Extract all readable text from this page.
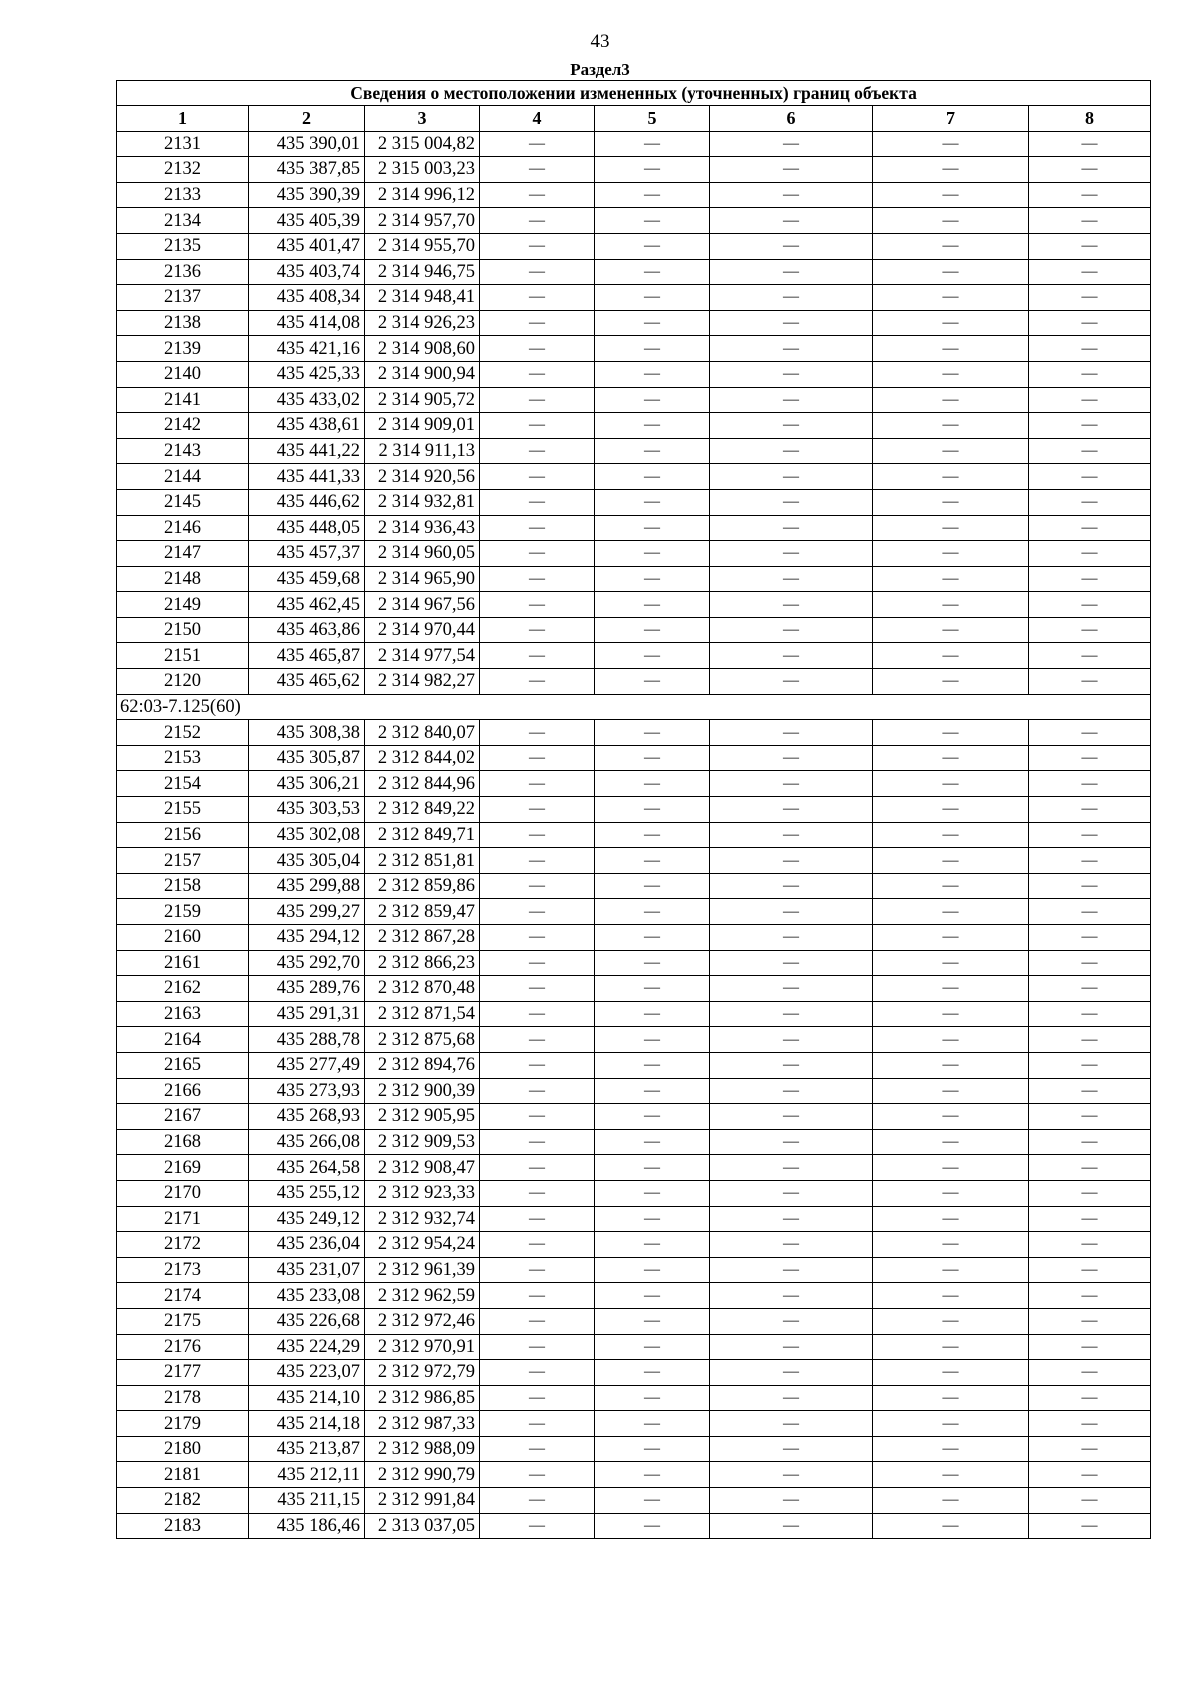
43
Раздел3
Сведения о местоположении измененных (уточненных) границ объекта							
1	2	3	4	5	6	7	8
2131	435 390,01	2 315 004,82	—	—	—	—	—
2132	435 387,85	2 315 003,23	—	—	—	—	—
2133	435 390,39	2 314 996,12	—	—	—	—	—
2134	435 405,39	2 314 957,70	—	—	—	—	—
2135	435 401,47	2 314 955,70	—	—	—	—	—
2136	435 403,74	2 314 946,75	—	—	—	—	—
2137	435 408,34	2 314 948,41	—	—	—	—	—
2138	435 414,08	2 314 926,23	—	—	—	—	—
2139	435 421,16	2 314 908,60	—	—	—	—	—
2140	435 425,33	2 314 900,94	—	—	—	—	—
2141	435 433,02	2 314 905,72	—	—	—	—	—
2142	435 438,61	2 314 909,01	—	—	—	—	—
2143	435 441,22	2 314 911,13	—	—	—	—	—
2144	435 441,33	2 314 920,56	—	—	—	—	—
2145	435 446,62	2 314 932,81	—	—	—	—	—
2146	435 448,05	2 314 936,43	—	—	—	—	—
2147	435 457,37	2 314 960,05	—	—	—	—	—
2148	435 459,68	2 314 965,90	—	—	—	—	—
2149	435 462,45	2 314 967,56	—	—	—	—	—
2150	435 463,86	2 314 970,44	—	—	—	—	—
2151	435 465,87	2 314 977,54	—	—	—	—	—
2120	435 465,62	2 314 982,27	—	—	—	—	—
62:03-7.125(60)							
2152	435 308,38	2 312 840,07	—	—	—	—	—
2153	435 305,87	2 312 844,02	—	—	—	—	—
2154	435 306,21	2 312 844,96	—	—	—	—	—
2155	435 303,53	2 312 849,22	—	—	—	—	—
2156	435 302,08	2 312 849,71	—	—	—	—	—
2157	435 305,04	2 312 851,81	—	—	—	—	—
2158	435 299,88	2 312 859,86	—	—	—	—	—
2159	435 299,27	2 312 859,47	—	—	—	—	—
2160	435 294,12	2 312 867,28	—	—	—	—	—
2161	435 292,70	2 312 866,23	—	—	—	—	—
2162	435 289,76	2 312 870,48	—	—	—	—	—
2163	435 291,31	2 312 871,54	—	—	—	—	—
2164	435 288,78	2 312 875,68	—	—	—	—	—
2165	435 277,49	2 312 894,76	—	—	—	—	—
2166	435 273,93	2 312 900,39	—	—	—	—	—
2167	435 268,93	2 312 905,95	—	—	—	—	—
2168	435 266,08	2 312 909,53	—	—	—	—	—
2169	435 264,58	2 312 908,47	—	—	—	—	—
2170	435 255,12	2 312 923,33	—	—	—	—	—
2171	435 249,12	2 312 932,74	—	—	—	—	—
2172	435 236,04	2 312 954,24	—	—	—	—	—
2173	435 231,07	2 312 961,39	—	—	—	—	—
2174	435 233,08	2 312 962,59	—	—	—	—	—
2175	435 226,68	2 312 972,46	—	—	—	—	—
2176	435 224,29	2 312 970,91	—	—	—	—	—
2177	435 223,07	2 312 972,79	—	—	—	—	—
2178	435 214,10	2 312 986,85	—	—	—	—	—
2179	435 214,18	2 312 987,33	—	—	—	—	—
2180	435 213,87	2 312 988,09	—	—	—	—	—
2181	435 212,11	2 312 990,79	—	—	—	—	—
2182	435 211,15	2 312 991,84	—	—	—	—	—
2183	435 186,46	2 313 037,05	—	—	—	—	—
